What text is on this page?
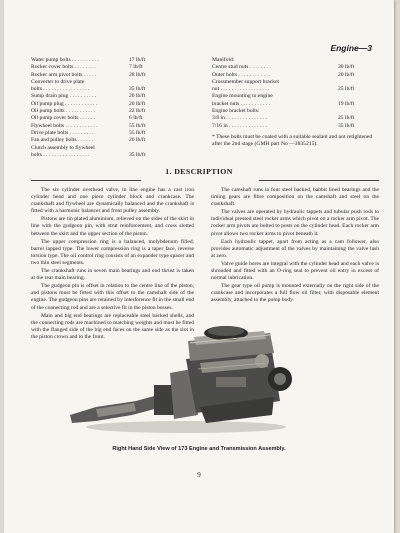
Engine—3
Water pump bolts . . . . . . . . . .	17 lb/ft
Rocker cover bolts . . . . . . . .	7 lb/ft
Rocker arm pivot bolts . . . . .	28 lb/ft
Converter to drive plate
bolts . . . . . . . . . . . . . . . . .	35 lb/ft
Sump drain plug . . . . . . . . . .	20 lb/ft
Oil pump plug . . . . . . . . . . . .	20 lb/ft
Oil pump bolts . . . . . . . . . . .	22 lb/ft
Oil pump cover bolts . . . . . .	6 lb/ft
Flywheel bolts . . . . . . . . . . . .	55 lb/ft
Drive plate bolts . . . . . . . . .	55 lb/ft
Fan and pulley bolts . . . . . .	20 lb/ft
Clutch assembly to flywheel
bolts . . . . . . . . . . . . . . . . .	35 lb/ft
Manifold:
Centre stud nuts . . . . . . . .	30 lb/ft
Outer bolts . . . . . . . . . . . .	20 lb/ft
Crossmember support bracket
nut . . . . . . . . . . . . . . . . . .	25 lb/ft
Engine mounting to engine
bracket nuts . . . . . . . . . . .	19 lb/ft
Engine bracket bolts:
3/8 in . . . . . . . . . . . . . . .	25 lb/ft
7/16 in . . . . . . . . . . . . . .	35 lb/ft
* These bolts must be coated with a suitable sealant and not retightened after the 2nd stage (GMH part No —3835215).
1. DESCRIPTION

The six cylinder overhead valve, in line engine has a cast iron cylinder head and one piece cylinder block and crankcase. The crankshaft and flywheel are dynamically balanced and the crankshaft is fitted with a harmonic balancer and front pulley assembly.

Pistons are tin plated aluminium, relieved on the sides of the skirt in line with the gudgeon pin, with strut reinforcement, and cross slotted between the skirt and the upper section of the piston.

The upper compression ring is a balanced, molybdenum filled, barrel lapped type. The lower compression ring is a taper face, reverse torsion type. The oil control ring consists of an expander type spacer and two thin steel segments.

The crankshaft runs in seven main bearings and end thrust is taken at the rear main bearing.

The gudgeon pin is offset in relation to the centre line of the piston, and pistons must be fitted with this offset to the camshaft side of the engine. The gudgeon pins are retained by interference fit in the small end of the connecting rod and are a selective fit in the piston bosses.

Main and big end bearings are replaceable steel backed shells, and the connecting rods are machined to matching weights and must be fitted with the flanged side of the big end faces on the same side as the slot in the piston crown and to the front.

The camshaft runs in four steel backed, babbit lined bearings and the timing gears are fibre composition on the camshaft and steel on the crankshaft.

The valves are operated by hydraulic tappets and tubular push rods to individual pressed steel rocker arms which pivot on a rocker arm pivot. The rocker arm pivots are bolted to posts on the cylinder head. Each rocker arm pivot allows two rocker arms to pivot beneath it.

Each hydraulic tappet, apart from acting as a cam follower, also provides automatic adjustment of the valves by maintaining the valve lash at zero.

Valve guide bores are integral with the cylinder head and each valve is shrouded and fitted with an O-ring seal to prevent oil entry in excess of normal lubrication.

The gear type oil pump is mounted externally on the right side of the crankcase and incorporates a full flow oil filter, with disposable element assembly, attached to the pump body.

Right Hand Side View of 173 Engine and Transmission Assembly.
9
